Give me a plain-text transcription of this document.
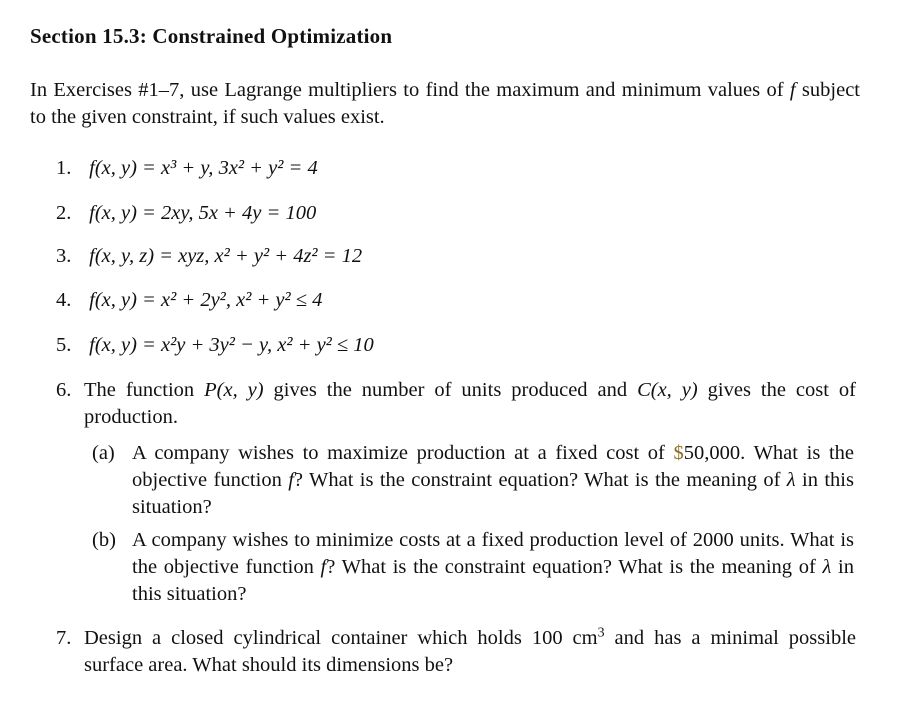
Section 15.3: Constrained Optimization
In Exercises #1–7, use Lagrange multipliers to find the maximum and minimum values of f subject to the given constraint, if such values exist.
1. f(x, y) = x³ + y, 3x² + y² = 4
2. f(x, y) = 2xy, 5x + 4y = 100
3. f(x, y, z) = xyz, x² + y² + 4z² = 12
4. f(x, y) = x² + 2y², x² + y² ≤ 4
5. f(x, y) = x²y + 3y² − y, x² + y² ≤ 10
6. The function P(x, y) gives the number of units produced and C(x, y) gives the cost of production.
(a) A company wishes to maximize production at a fixed cost of $50,000. What is the objective function f? What is the constraint equation? What is the meaning of λ in this situation?
(b) A company wishes to minimize costs at a fixed production level of 2000 units. What is the objective function f? What is the constraint equation? What is the meaning of λ in this situation?
7. Design a closed cylindrical container which holds 100 $cm^3$ and has a minimal possible surface area. What should its dimensions be?
